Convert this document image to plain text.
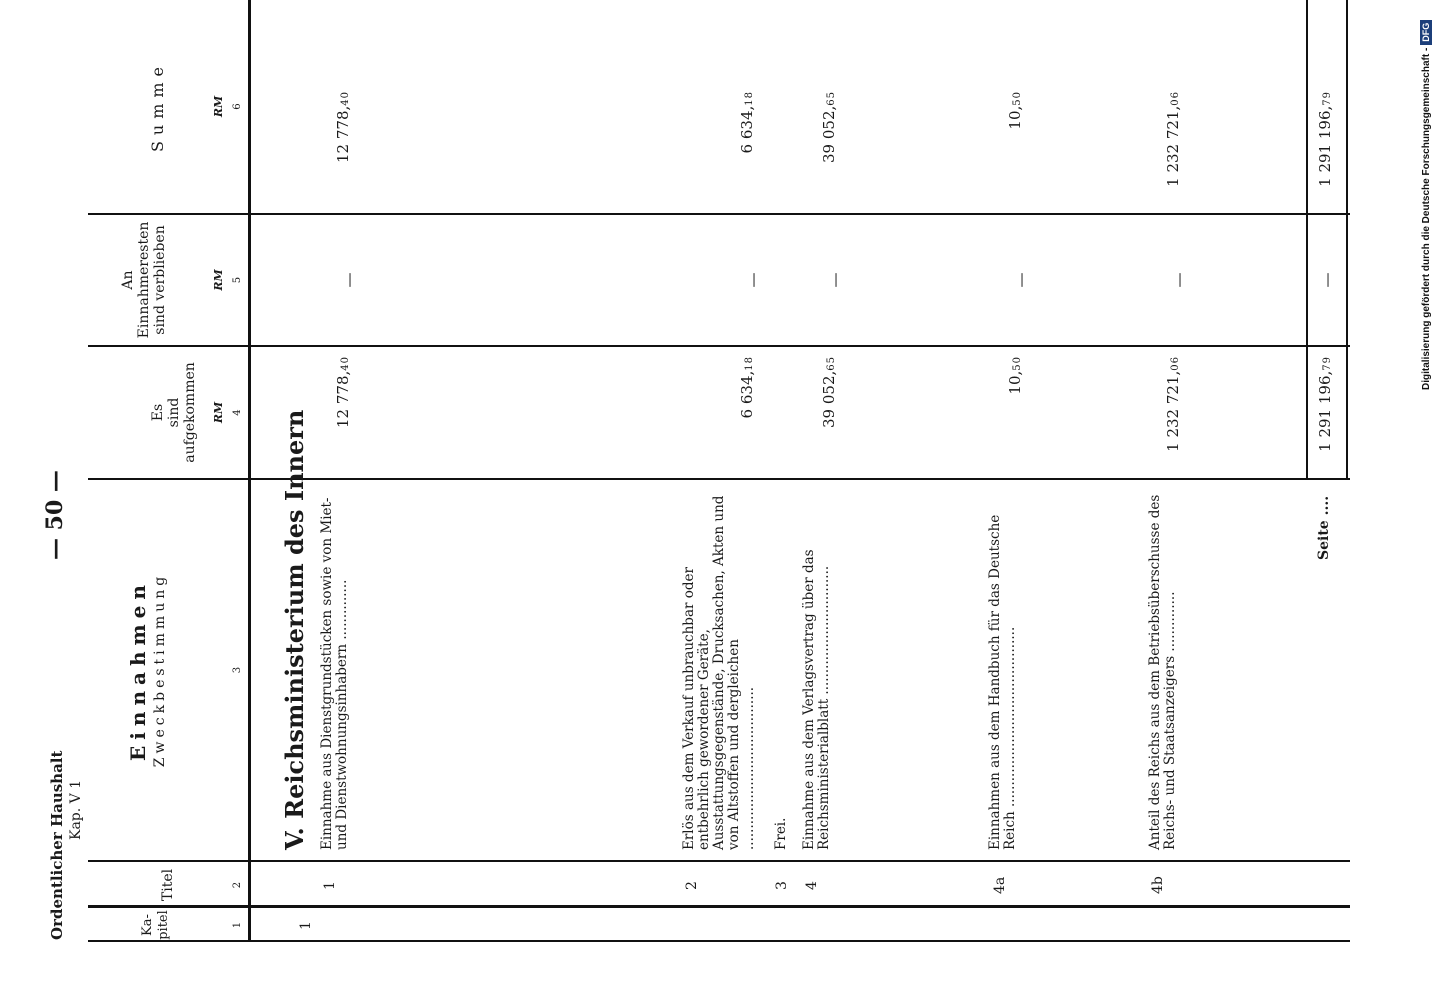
Ordentlicher Haushalt Kap. V 1
— 50 —
Ka-
pitel
Titel
Einnahmen Zweckbestimmung
Es
sind aufgekommen
An
Einnahmeresten
sind verblieben
Summe
RM
RM
RM
1
2
3
4
5
6
1
V. Reichsministerium des Innern
1
Einnahme aus Dienstgrundstücken sowie von Miet- und Dienstwohnungsinhabern ..............
12 778,40
—
12 778,40
2
Erlös aus dem Verkauf unbrauchbar oder entbehrlich gewordener Geräte, Ausstattungsgegenstände, Drucksachen, Akten und von Altstoffen und dergleichen ......................................
6 634,18
—
6 634,18
3
Frei.
4
Einnahme aus dem Verlagsvertrag über das Reichsministerialblatt ..............................
39 052,65
—
39 052,65
4a
Einnahmen aus dem Handbuch für das Deutsche Reich ..........................................
10,50
—
10,50
4b
Anteil des Reichs aus dem Betriebsüberschusse des Reichs- und Staatsanzeigers ..............
1 232 721,06
—
1 232 721,06
Seite ....
1 291 196,79
—
1 291 196,79	Digitalisierung gefördert durch die Deutsche Forschungsgemeinschaft -DFG
